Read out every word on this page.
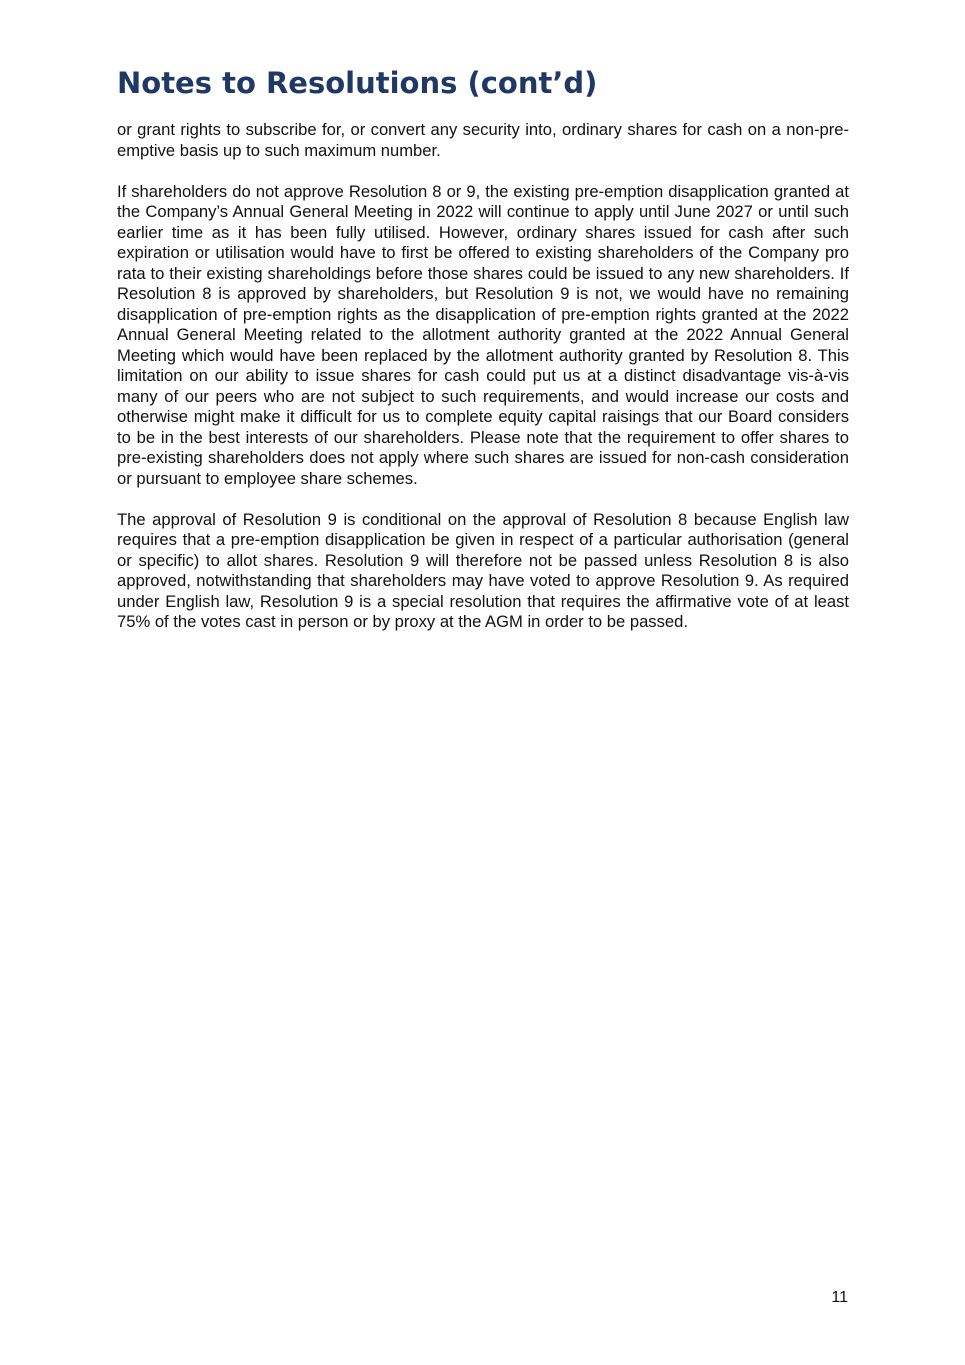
Notes to Resolutions (cont’d)

or grant rights to subscribe for, or convert any security into, ordinary shares for cash on a non-pre-emptive basis up to such maximum number.

If shareholders do not approve Resolution 8 or 9, the existing pre-emption disapplication granted at the Company’s Annual General Meeting in 2022 will continue to apply until June 2027 or until such earlier time as it has been fully utilised. However, ordinary shares issued for cash after such expiration or utilisation would have to first be offered to existing shareholders of the Company pro rata to their existing shareholdings before those shares could be issued to any new shareholders. If Resolution 8 is approved by shareholders, but Resolution 9 is not, we would have no remaining disapplication of pre-emption rights as the disapplication of pre-emption rights granted at the 2022 Annual General Meeting related to the allotment authority granted at the 2022 Annual General Meeting which would have been replaced by the allotment authority granted by Resolution 8. This limitation on our ability to issue shares for cash could put us at a distinct disadvantage vis-à-vis many of our peers who are not subject to such requirements, and would increase our costs and otherwise might make it difficult for us to complete equity capital raisings that our Board considers to be in the best interests of our shareholders. Please note that the requirement to offer shares to pre-existing shareholders does not apply where such shares are issued for non-cash consideration or pursuant to employee share schemes.

The approval of Resolution 9 is conditional on the approval of Resolution 8 because English law requires that a pre-emption disapplication be given in respect of a particular authorisation (general or specific) to allot shares. Resolution 9 will therefore not be passed unless Resolution 8 is also approved, notwithstanding that shareholders may have voted to approve Resolution 9. As required under English law, Resolution 9 is a special resolution that requires the affirmative vote of at least 75% of the votes cast in person or by proxy at the AGM in order to be passed.

11
